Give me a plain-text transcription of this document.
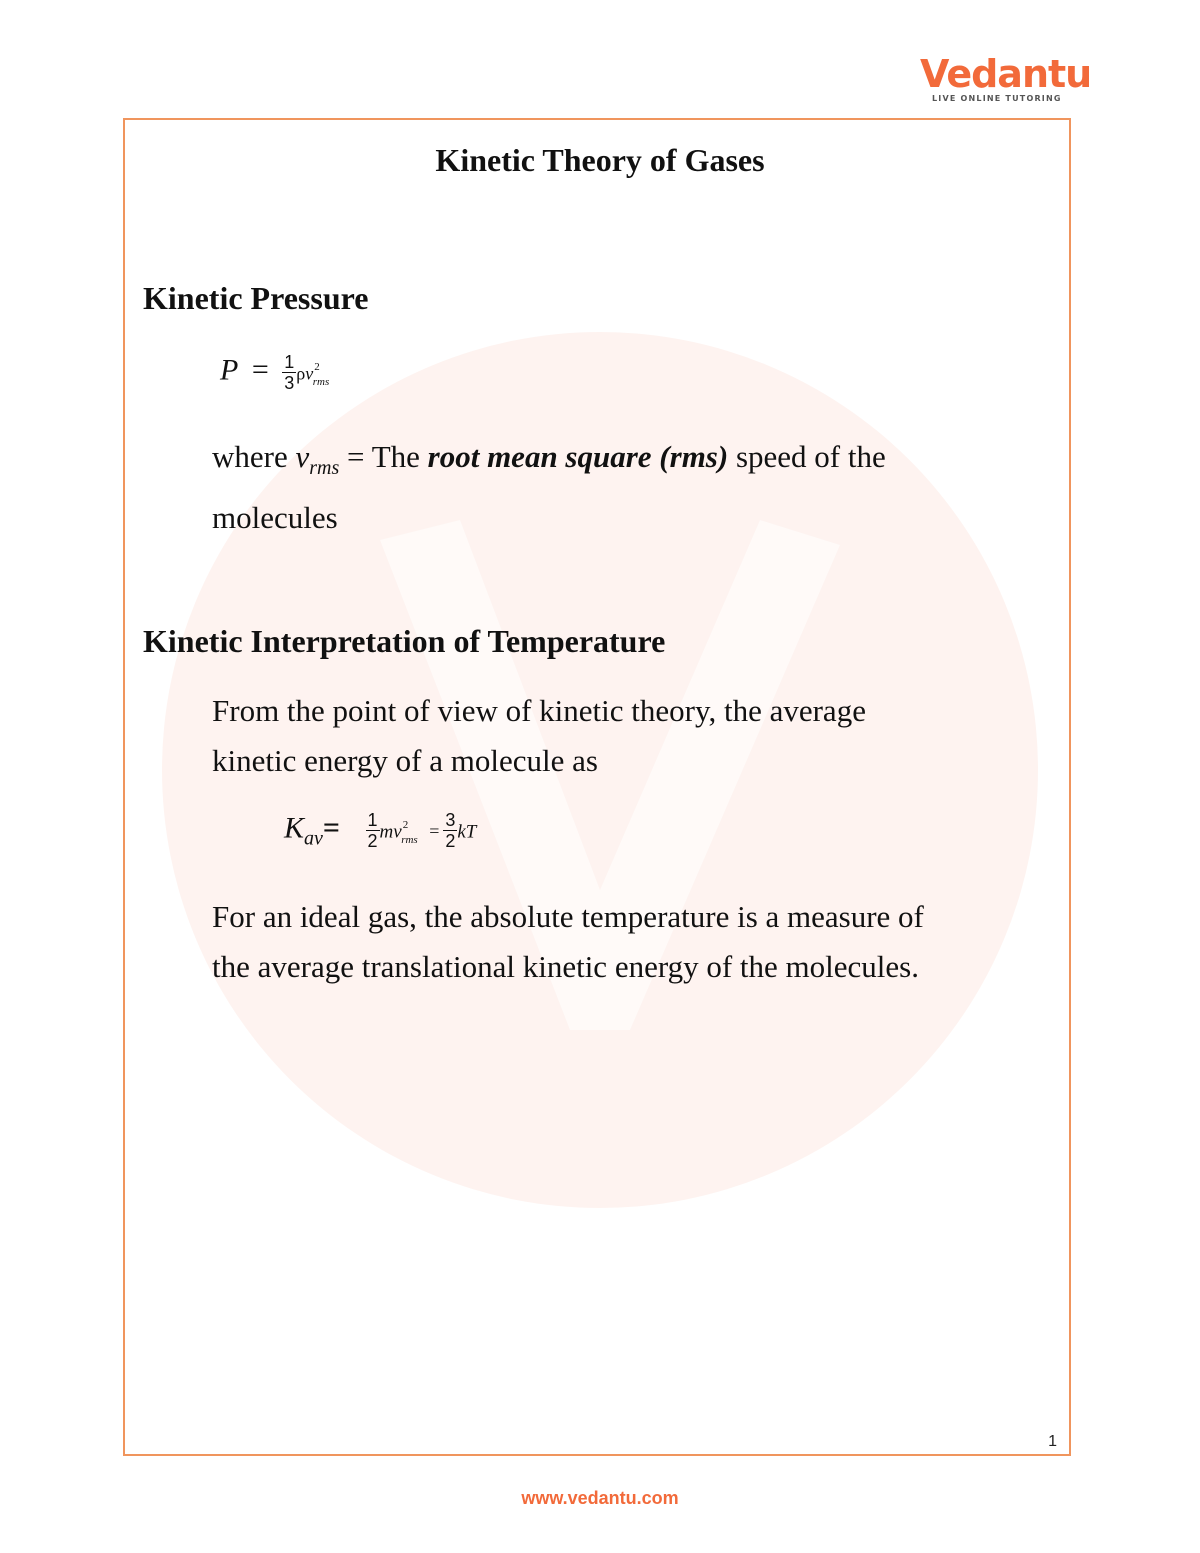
Vedantu
LIVE ONLINE TUTORING
Kinetic Theory of Gases
Kinetic Pressure
$P = \frac{1}{3} \rho v^2_{rms}$
where $v_{rms}$ = The root mean square (rms) speed of the
molecules
Kinetic Interpretation of Temperature
From the point of view of kinetic theory, the average
kinetic energy of a molecule as
$K_{av}= \frac{1}{2} mv^2_{rms} = \frac{3}{2}$ kT
For an ideal gas, the absolute temperature is a measure of
the average translational kinetic energy of the molecules.
1
www.vedantu.com
